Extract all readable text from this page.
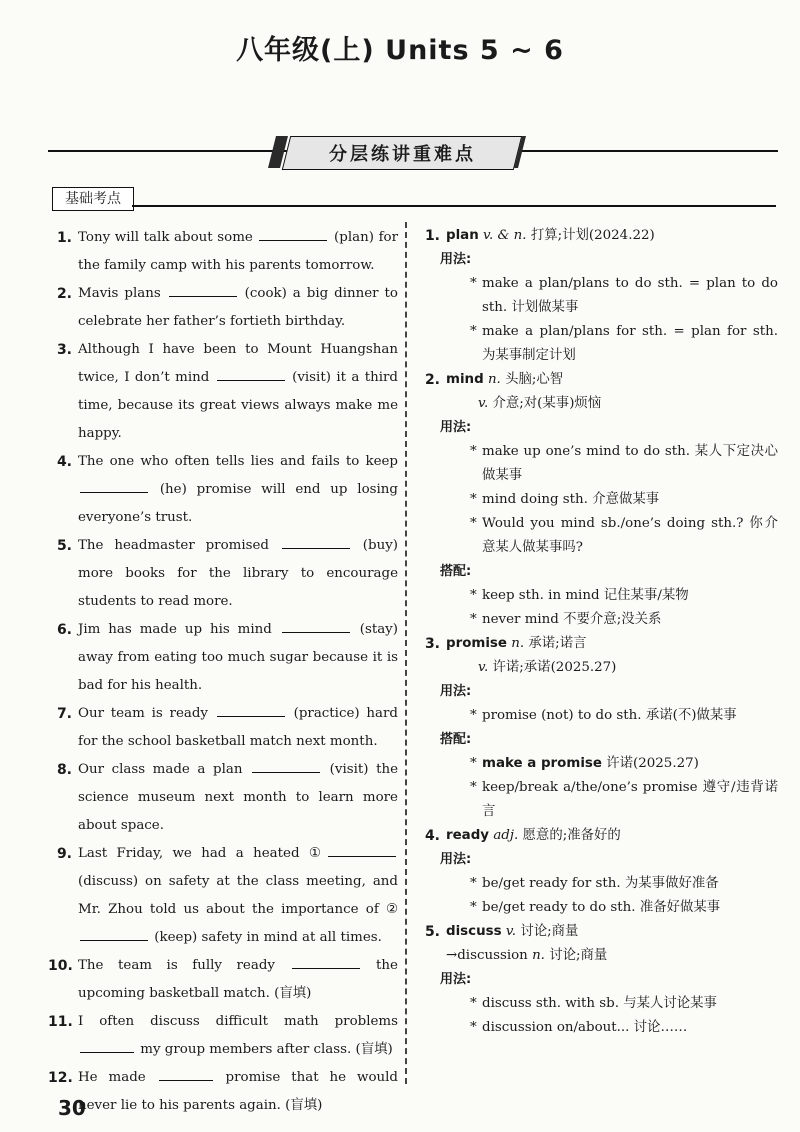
八年级(上) Units 5 ~ 6
分层练讲重难点
基础考点
1. Tony will talk about some	(plan) for the family camp with his parents tomorrow.
2. Mavis plans	(cook) a big dinner to celebrate her father’s fortieth birthday.
3. Although I have been to Mount Huangshan twice, I don’t mind	(visit) it a third time, because its great views always make me happy.
4. The one who often tells lies and fails to keep  (he) promise will end up losing everyone’s trust.
5. The headmaster promised	(buy) more books for the library to encourage students to read more.
6. Jim has made up his mind	(stay) away from eating too much sugar because it is bad for his health.
7. Our team is ready	(practice) hard for the school basketball match next month.
8. Our class made a plan	(visit) the science museum next month to learn more about space.
9. Last Friday, we had a heated ① (discuss) on safety at the class meeting, and Mr. Zhou told us about the importance of ② (keep) safety in mind at all times.
10. The team is fully ready	the upcoming basketball match. (盲填)
11. I often discuss difficult math problems  my group members after class. (盲填)
12. He made	promise that he would never lie to his parents again. (盲填)
1. plan v. & n. 打算;计划(2024.22)
用法:
* make a plan/plans to do sth. = plan to do sth. 计划做某事
* make a plan/plans for sth. = plan for sth. 为某事制定计划
2. mind n. 头脑;心智
v. 介意;对(某事)烦恼
用法:
* make up one’s mind to do sth. 某人下定决心做某事
* mind doing sth. 介意做某事
* Would you mind sb./one’s doing sth.? 你介意某人做某事吗?
搭配:
* keep sth. in mind 记住某事/某物
* never mind 不要介意;没关系
3. promise n. 承诺;诺言
v. 许诺;承诺(2025.27)
用法:
* promise (not) to do sth. 承诺(不)做某事
搭配:
* make a promise 许诺(2025.27)
* keep/break a/the/one’s promise 遵守/违背诺言
4. ready adj. 愿意的;准备好的
用法:
* be/get ready for sth. 为某事做好准备
* be/get ready to do sth. 准备好做某事
5. discuss v. 讨论;商量
→discussion n. 讨论;商量
用法:
* discuss sth. with sb. 与某人讨论某事
* discussion on/about... 讨论……
30
